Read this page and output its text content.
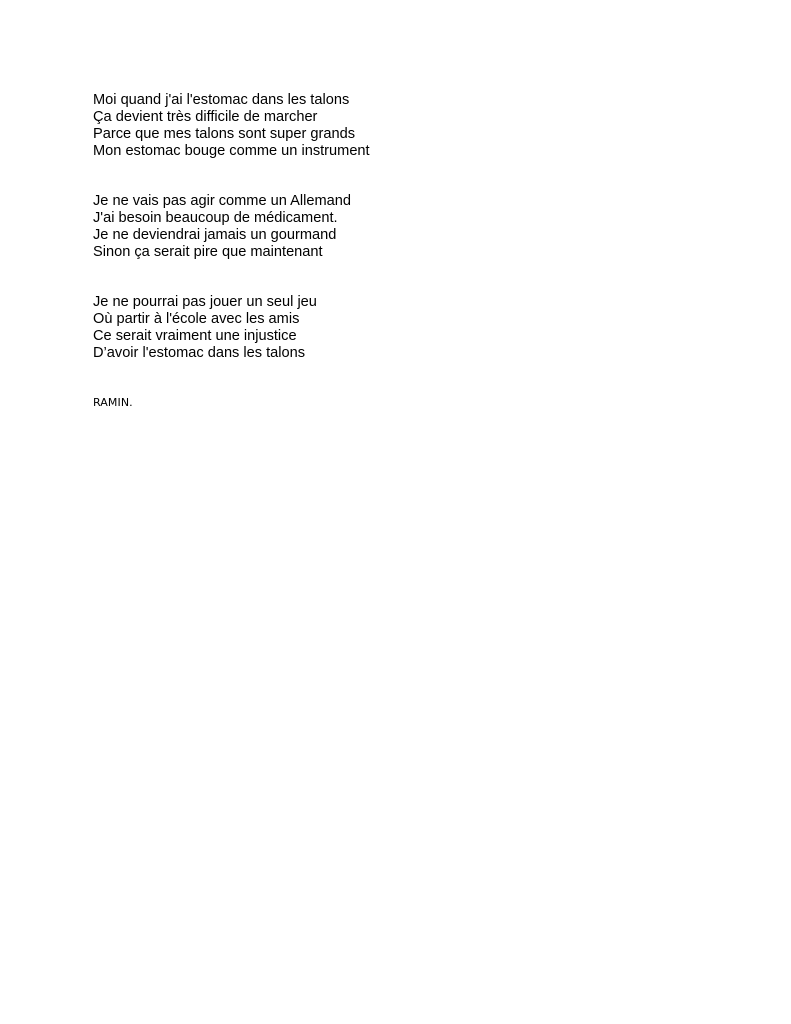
Moi quand j'ai l'estomac dans les talons
Ça devient très difficile de marcher
Parce que mes talons sont super grands
Mon estomac bouge comme un instrument

Je ne vais pas agir comme un Allemand
J'ai besoin beaucoup de médicament.
Je ne deviendrai jamais un gourmand
Sinon ça serait pire que maintenant

Je ne pourrai pas jouer un seul jeu
Où partir à l'école avec les amis
Ce serait vraiment une injustice
D’avoir l'estomac dans les talons

RAMIN.
